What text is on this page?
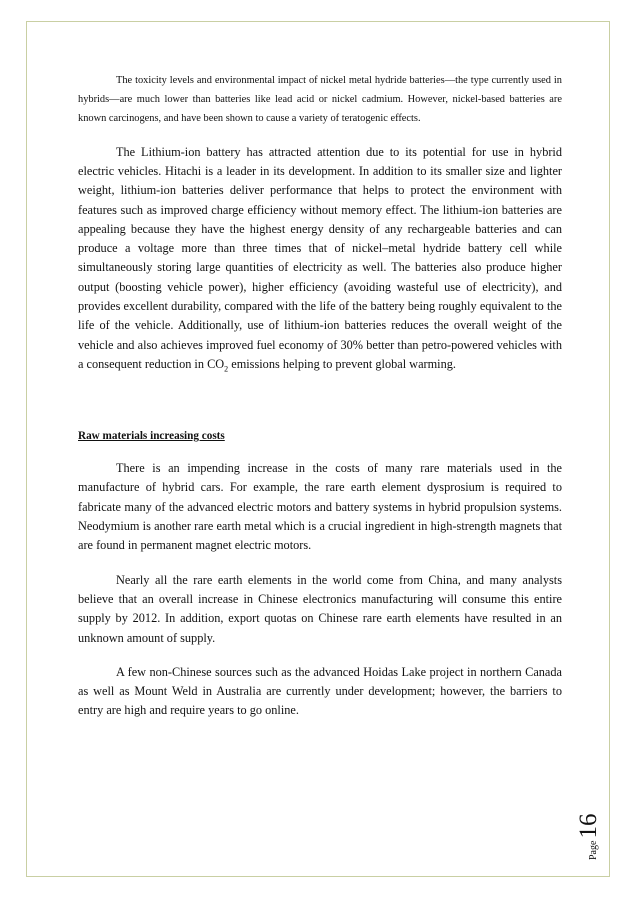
The toxicity levels and environmental impact of nickel metal hydride batteries—the type currently used in hybrids—are much lower than batteries like lead acid or nickel cadmium. However, nickel-based batteries are known carcinogens, and have been shown to cause a variety of teratogenic effects.

The Lithium-ion battery has attracted attention due to its potential for use in hybrid electric vehicles. Hitachi is a leader in its development. In addition to its smaller size and lighter weight, lithium-ion batteries deliver performance that helps to protect the environment with features such as improved charge efficiency without memory effect. The lithium-ion batteries are appealing because they have the highest energy density of any rechargeable batteries and can produce a voltage more than three times that of nickel–metal hydride battery cell while simultaneously storing large quantities of electricity as well. The batteries also produce higher output (boosting vehicle power), higher efficiency (avoiding wasteful use of electricity), and provides excellent durability, compared with the life of the battery being roughly equivalent to the life of the vehicle. Additionally, use of lithium-ion batteries reduces the overall weight of the vehicle and also achieves improved fuel economy of 30% better than petro-powered vehicles with a consequent reduction in $CO_2$ emissions helping to prevent global warming.

Raw materials increasing costs

There is an impending increase in the costs of many rare materials used in the manufacture of hybrid cars. For example, the rare earth element dysprosium is required to fabricate many of the advanced electric motors and battery systems in hybrid propulsion systems. Neodymium is another rare earth metal which is a crucial ingredient in high-strength magnets that are found in permanent magnet electric motors.

Nearly all the rare earth elements in the world come from China, and many analysts believe that an overall increase in Chinese electronics manufacturing will consume this entire supply by 2012. In addition, export quotas on Chinese rare earth elements have resulted in an unknown amount of supply.

A few non-Chinese sources such as the advanced Hoidas Lake project in northern Canada as well as Mount Weld in Australia are currently under development; however, the barriers to entry are high and require years to go online.

Page16
